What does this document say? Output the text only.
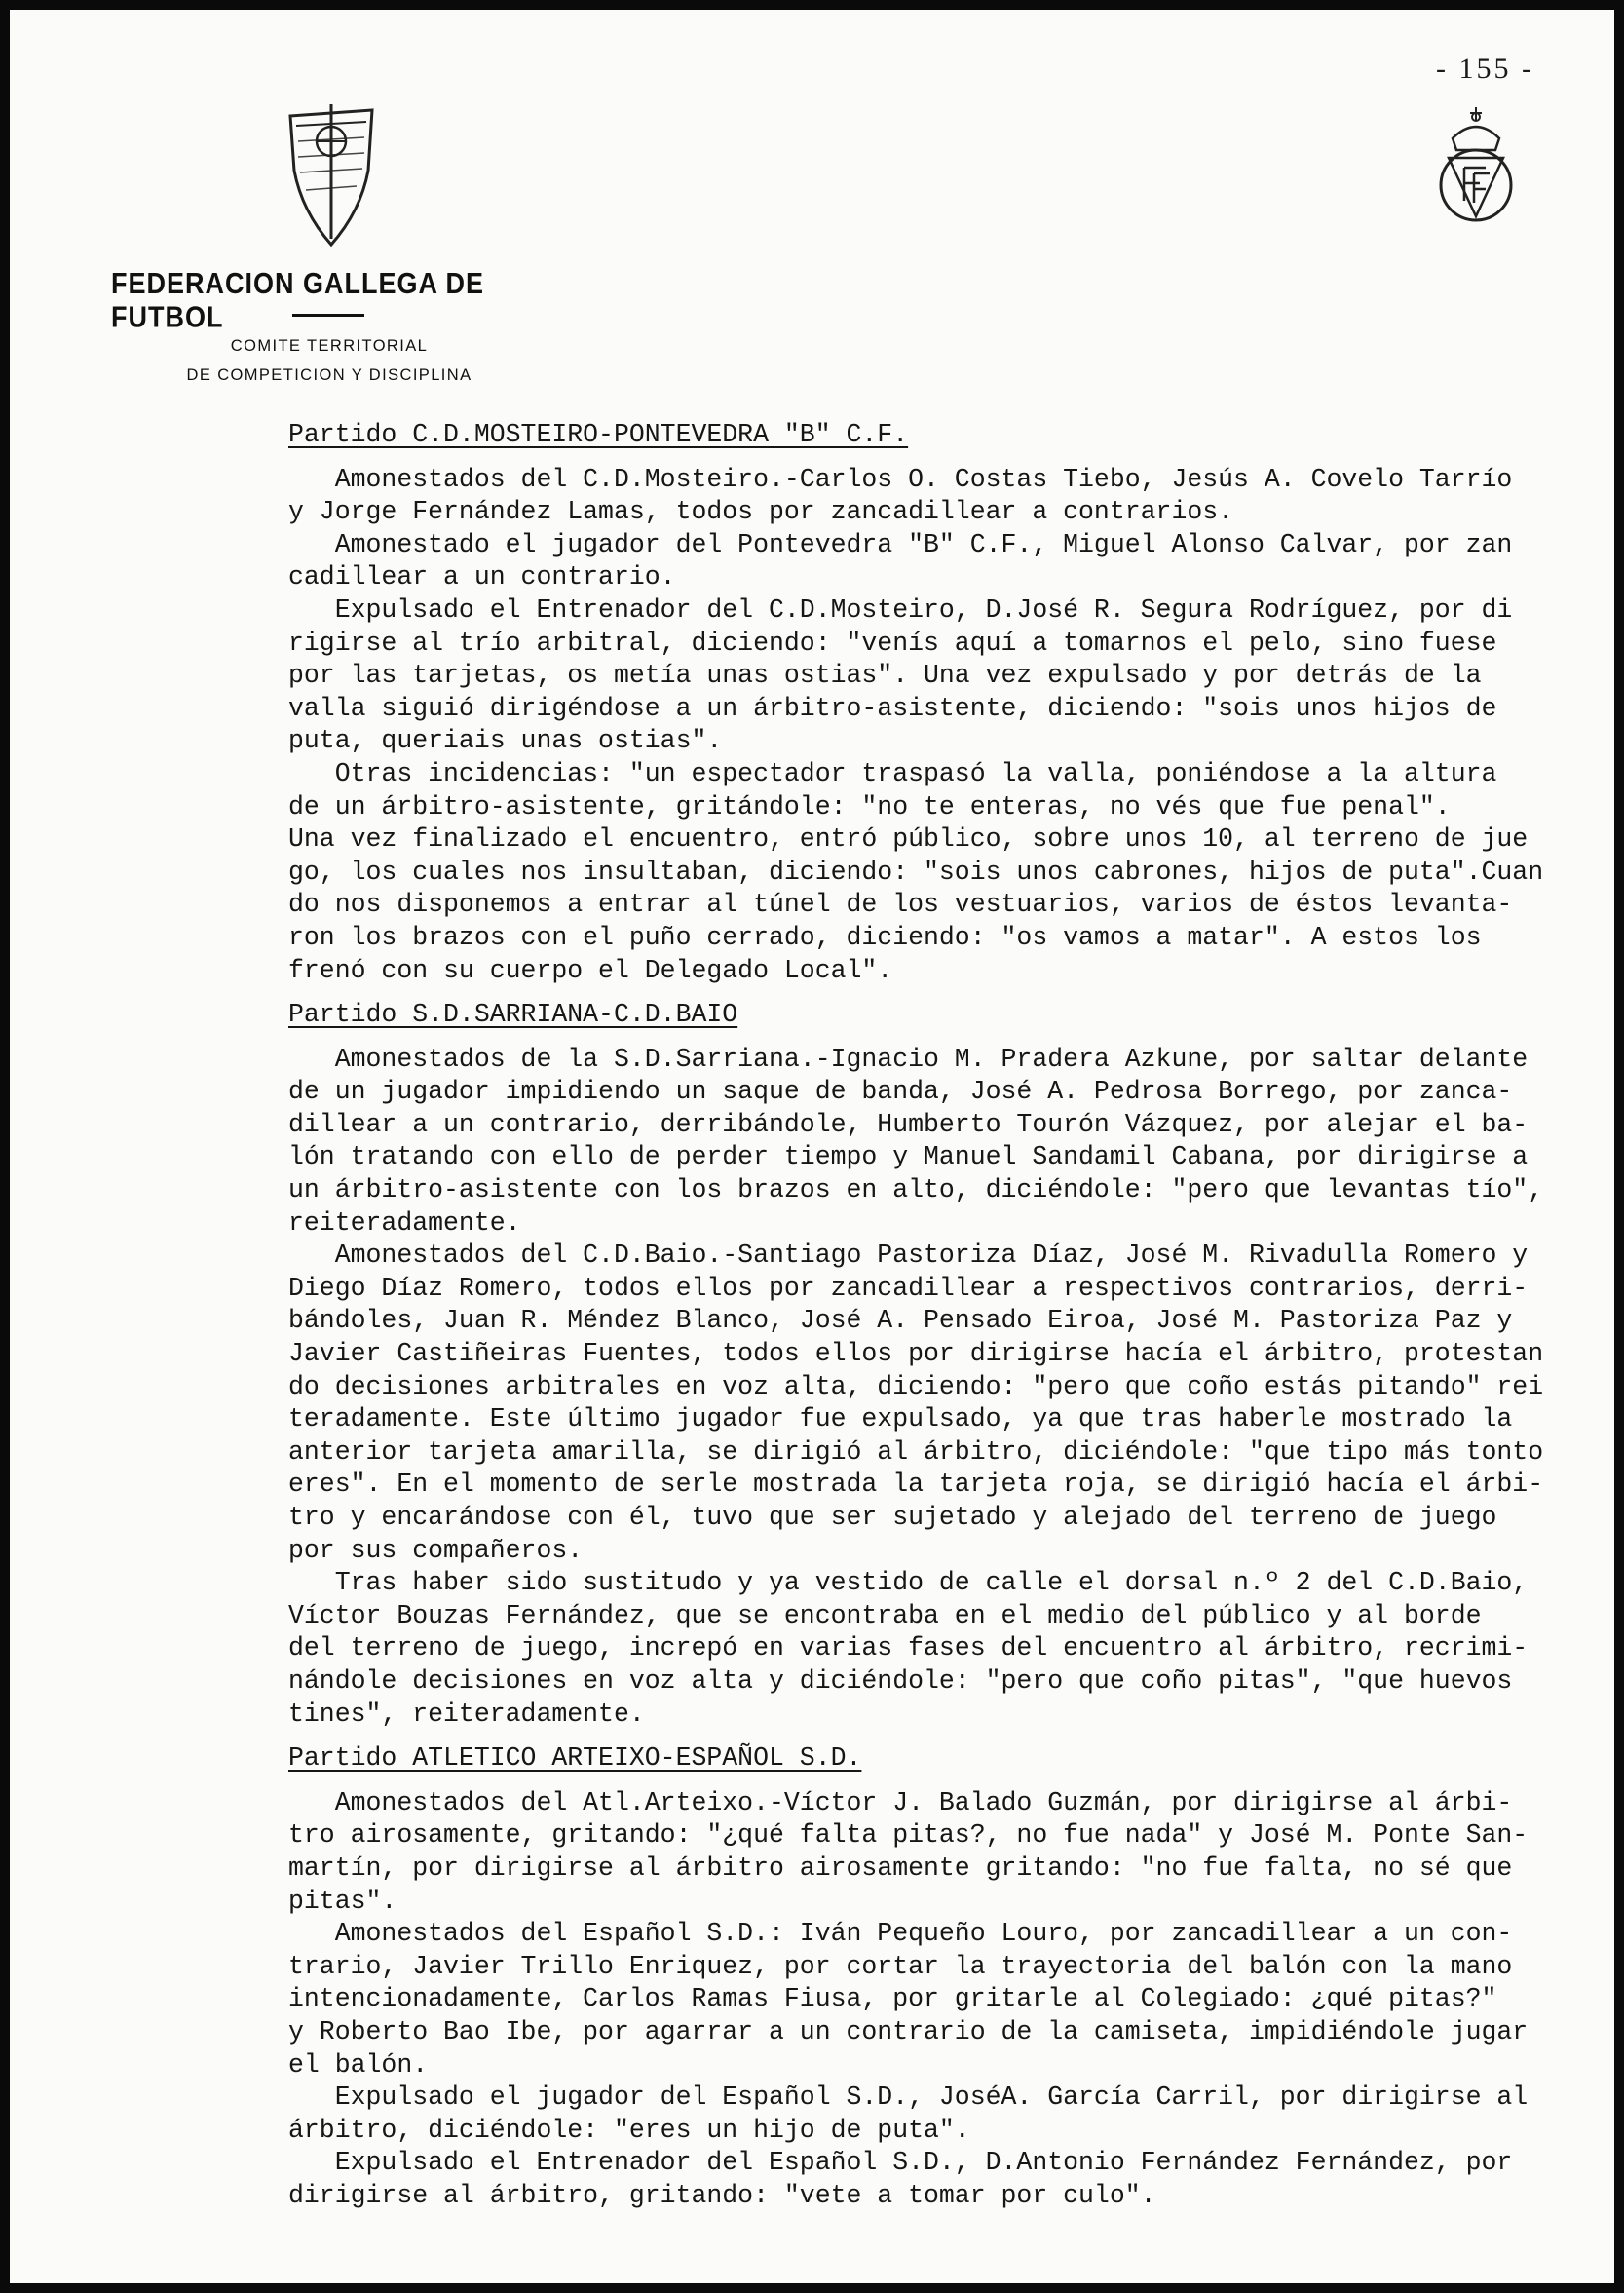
- 155 -
FEDERACION GALLEGA DE FUTBOL
COMITE TERRITORIAL
DE COMPETICION Y DISCIPLINA

Partido C.D.MOSTEIRO-PONTEVEDRA "B" C.F.

Amonestados del C.D.Mosteiro.-Carlos O. Costas Tiebo, Jesús A. Covelo Tarrío

y Jorge Fernández Lamas, todos por zancadillear a contrarios.

Amonestado el jugador del Pontevedra "B" C.F., Miguel Alonso Calvar, por zan

cadillear a un contrario.

Expulsado el Entrenador del C.D.Mosteiro, D.José R. Segura Rodríguez, por di

rigirse al trío arbitral, diciendo: "venís aquí a tomarnos el pelo, sino fuese

por las tarjetas, os metía unas ostias". Una vez expulsado y por detrás de la

valla siguió dirigéndose a un árbitro-asistente, diciendo: "sois unos hijos de

puta, queriais unas ostias".

Otras incidencias: "un espectador traspasó la valla, poniéndose a la altura

de un árbitro-asistente, gritándole: "no te enteras, no vés que fue penal".

Una vez finalizado el encuentro, entró público, sobre unos 10, al terreno de jue

go, los cuales nos insultaban, diciendo: "sois unos cabrones, hijos de puta".Cuan

do nos disponemos a entrar al túnel de los vestuarios, varios de éstos levanta-

ron los brazos con el puño cerrado, diciendo: "os vamos a matar". A estos los

frenó con su cuerpo el Delegado Local".

Partido S.D.SARRIANA-C.D.BAIO

Amonestados de la S.D.Sarriana.-Ignacio M. Pradera Azkune, por saltar delante

de un jugador impidiendo un saque de banda, José A. Pedrosa Borrego, por zanca-

dillear a un contrario, derribándole, Humberto Tourón Vázquez, por alejar el ba-

lón tratando con ello de perder tiempo y Manuel Sandamil Cabana, por dirigirse a

un árbitro-asistente con los brazos en alto, diciéndole: "pero que levantas tío",

reiteradamente.

Amonestados del C.D.Baio.-Santiago Pastoriza Díaz, José M. Rivadulla Romero y

Diego Díaz Romero, todos ellos por zancadillear a respectivos contrarios, derri-

bándoles, Juan R. Méndez Blanco, José A. Pensado Eiroa, José M. Pastoriza Paz y

Javier Castiñeiras Fuentes, todos ellos por dirigirse hacía el árbitro, protestan

do decisiones arbitrales en voz alta, diciendo: "pero que coño estás pitando" rei

teradamente. Este último jugador fue expulsado, ya que tras haberle mostrado la

anterior tarjeta amarilla, se dirigió al árbitro, diciéndole: "que tipo más tonto

eres". En el momento de serle mostrada la tarjeta roja, se dirigió hacía el árbi-

tro y encarándose con él, tuvo que ser sujetado y alejado del terreno de juego

por sus compañeros.

Tras haber sido sustitudo y ya vestido de calle el dorsal n.º 2 del C.D.Baio,

Víctor Bouzas Fernández, que se encontraba en el medio del público y al borde

del terreno de juego, increpó en varias fases del encuentro al árbitro, recrimi-

nándole decisiones en voz alta y diciéndole: "pero que coño pitas", "que huevos

tines", reiteradamente.

Partido ATLETICO ARTEIXO-ESPAÑOL S.D.

Amonestados del Atl.Arteixo.-Víctor J. Balado Guzmán, por dirigirse al árbi-

tro airosamente, gritando: "¿qué falta pitas?, no fue nada" y José M. Ponte San-

martín, por dirigirse al árbitro airosamente gritando: "no fue falta, no sé que

pitas".

Amonestados del Español S.D.: Iván Pequeño Louro, por zancadillear a un con-

trario, Javier Trillo Enriquez, por cortar la trayectoria del balón con la mano

intencionadamente, Carlos Ramas Fiusa, por gritarle al Colegiado: ¿qué pitas?"

y Roberto Bao Ibe, por agarrar a un contrario de la camiseta, impidiéndole jugar

el balón.

Expulsado el jugador del Español S.D., JoséA. García Carril, por dirigirse al

árbitro, diciéndole: "eres un hijo de puta".

Expulsado el Entrenador del Español S.D., D.Antonio Fernández Fernández, por

dirigirse al árbitro, gritando: "vete a tomar por culo".
